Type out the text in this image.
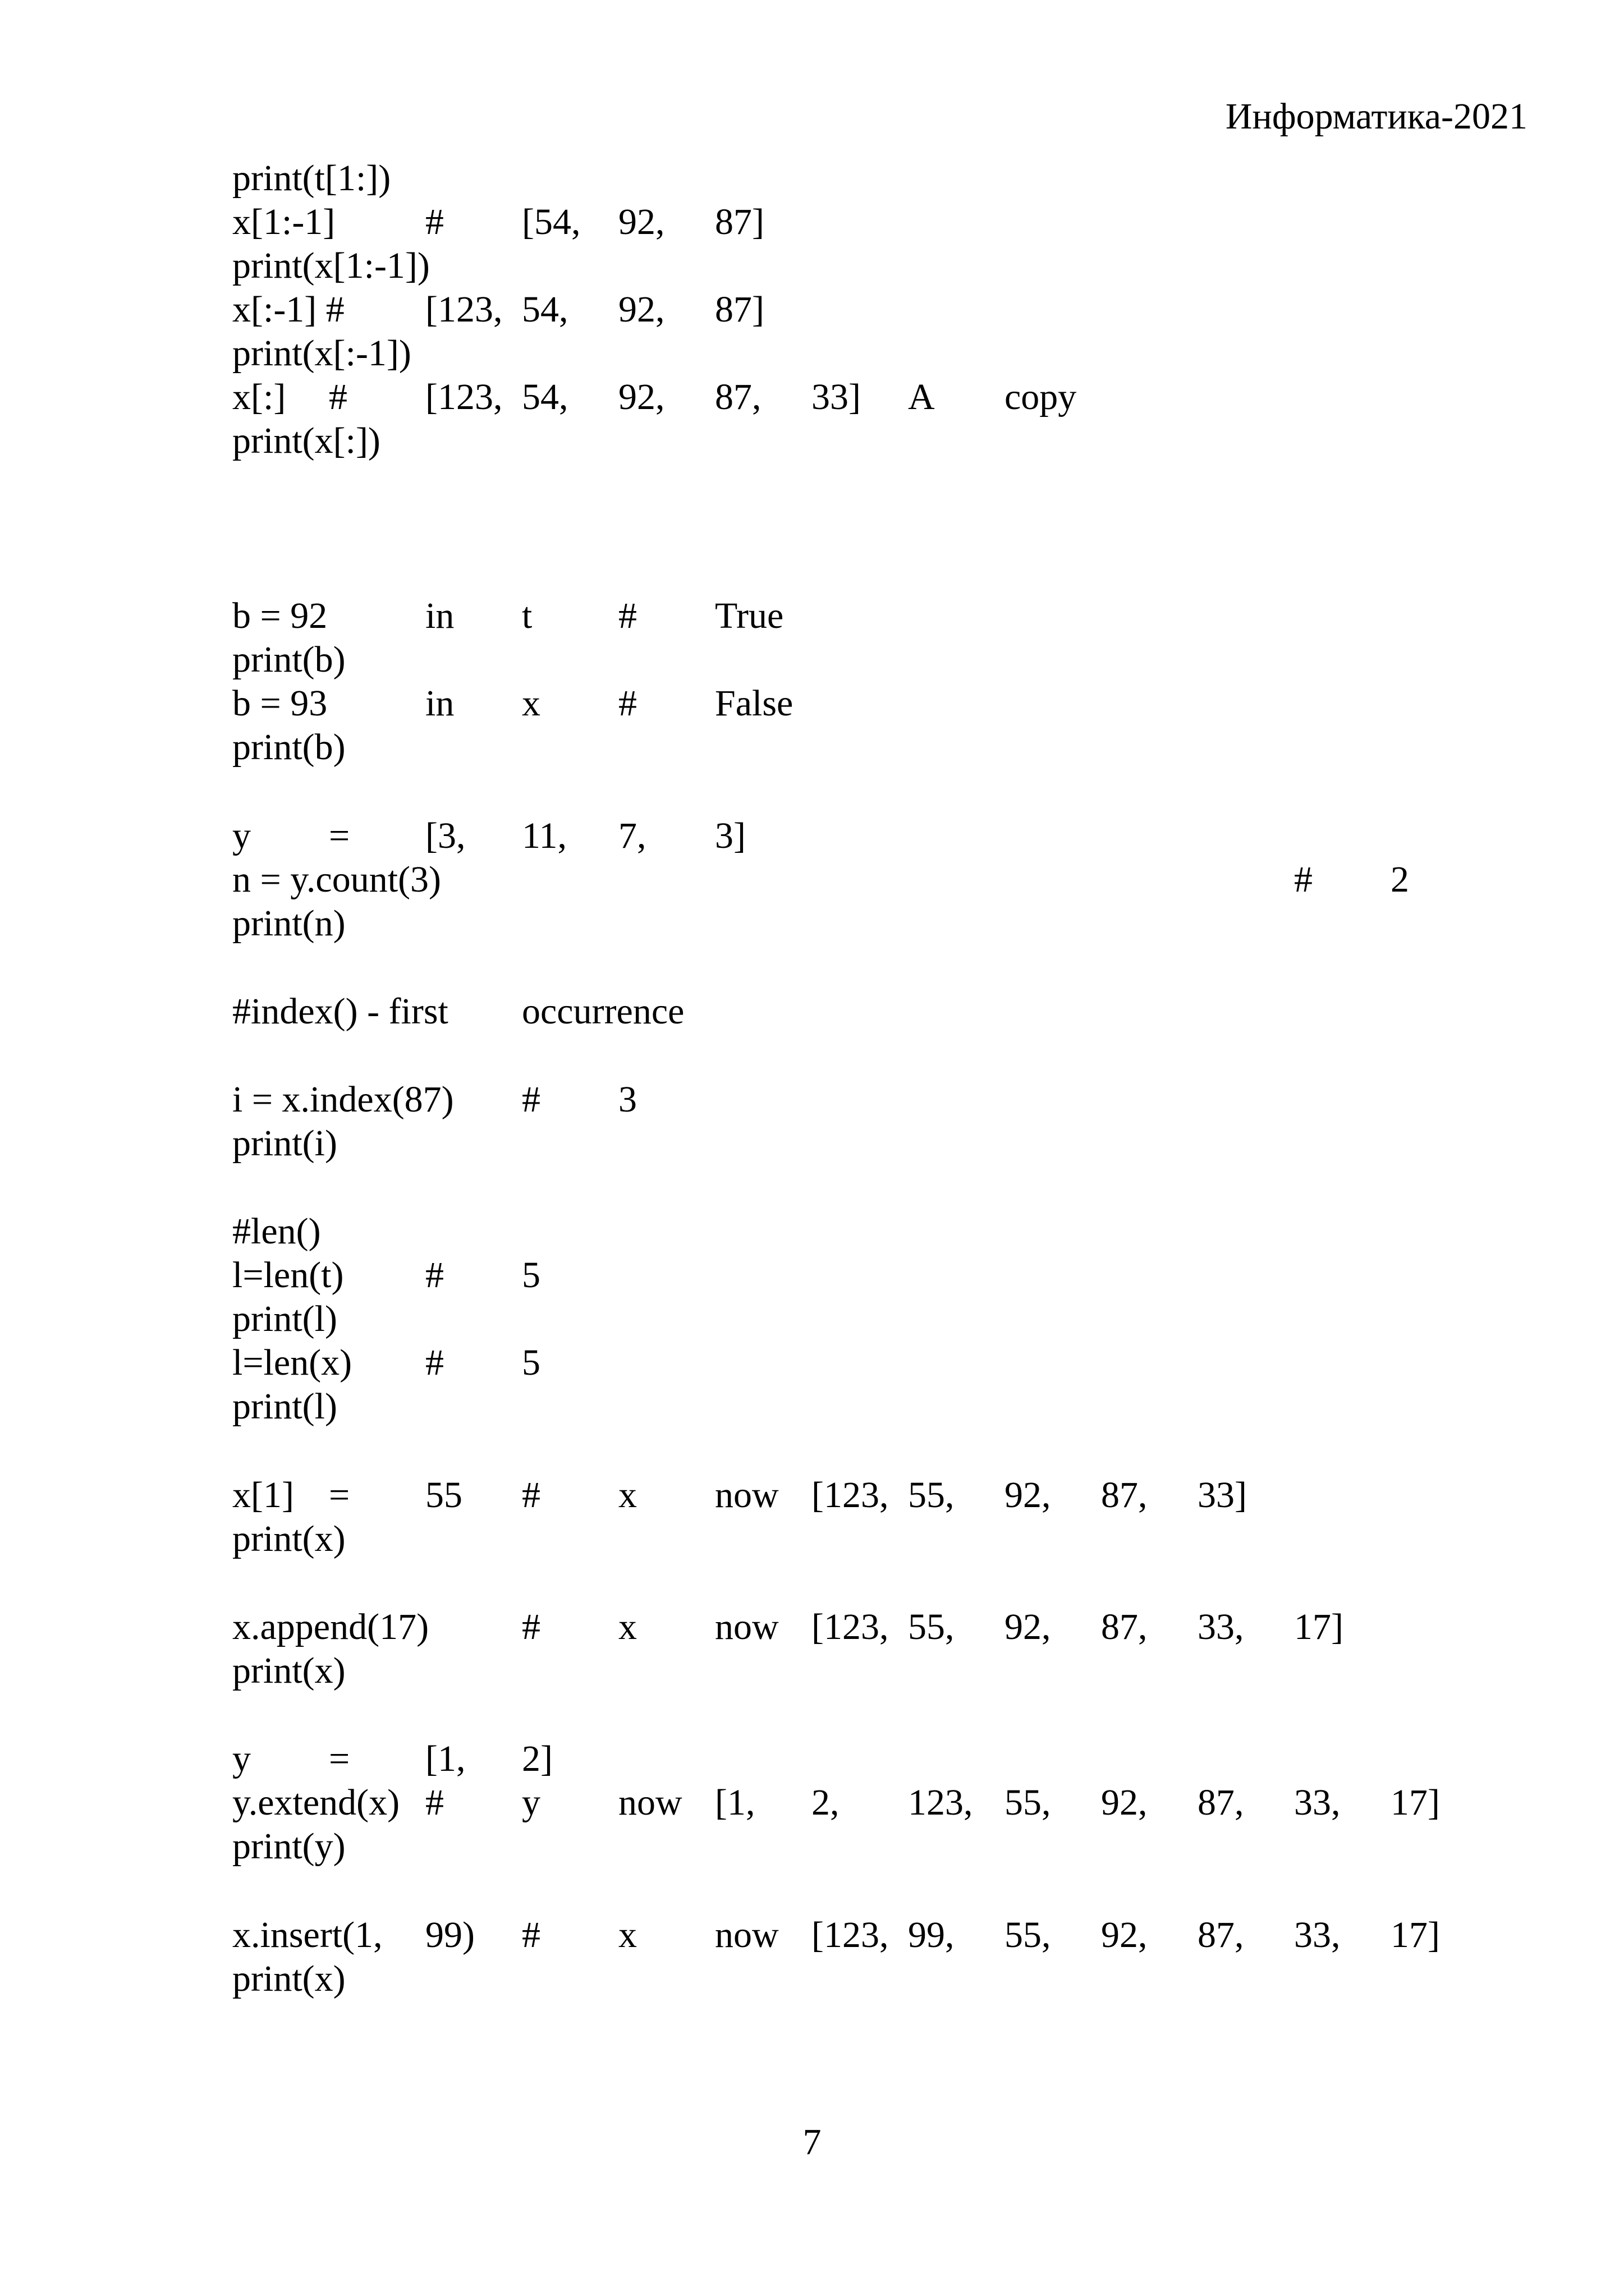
Информатика-2021
print(t[1:])
x[1:-1] # [54, 92, 87]
print(x[1:-1])
x[:-1] # [123, 54, 92, 87]
print(x[:-1])
x[:] # [123, 54, 92, 87, 33] A copy
print(x[:])
b = 92	in t # True
print(b)
b = 93	in x # False
print(b)
y = [3, 11, 7, 3]
n = y.count(3)	# 2
print(n)
#index() - first occurrence
i = x.index(87) # 3
print(i)
#len()
l=len(t) # 5
print(l)
l=len(x) # 5
print(l)
x[1] = 55 # x now [123, 55, 92, 87, 33]
print(x)
x.append(17)	# x now [123, 55, 92, 87, 33, 17]
print(x)
y = [1, 2]
y.extend(x) # y now [1, 2, 123, 55, 92, 87, 33, 17]
print(y)
x.insert(1, 99) # x now [123, 99, 55, 92, 87, 33, 17]
print(x)
7
